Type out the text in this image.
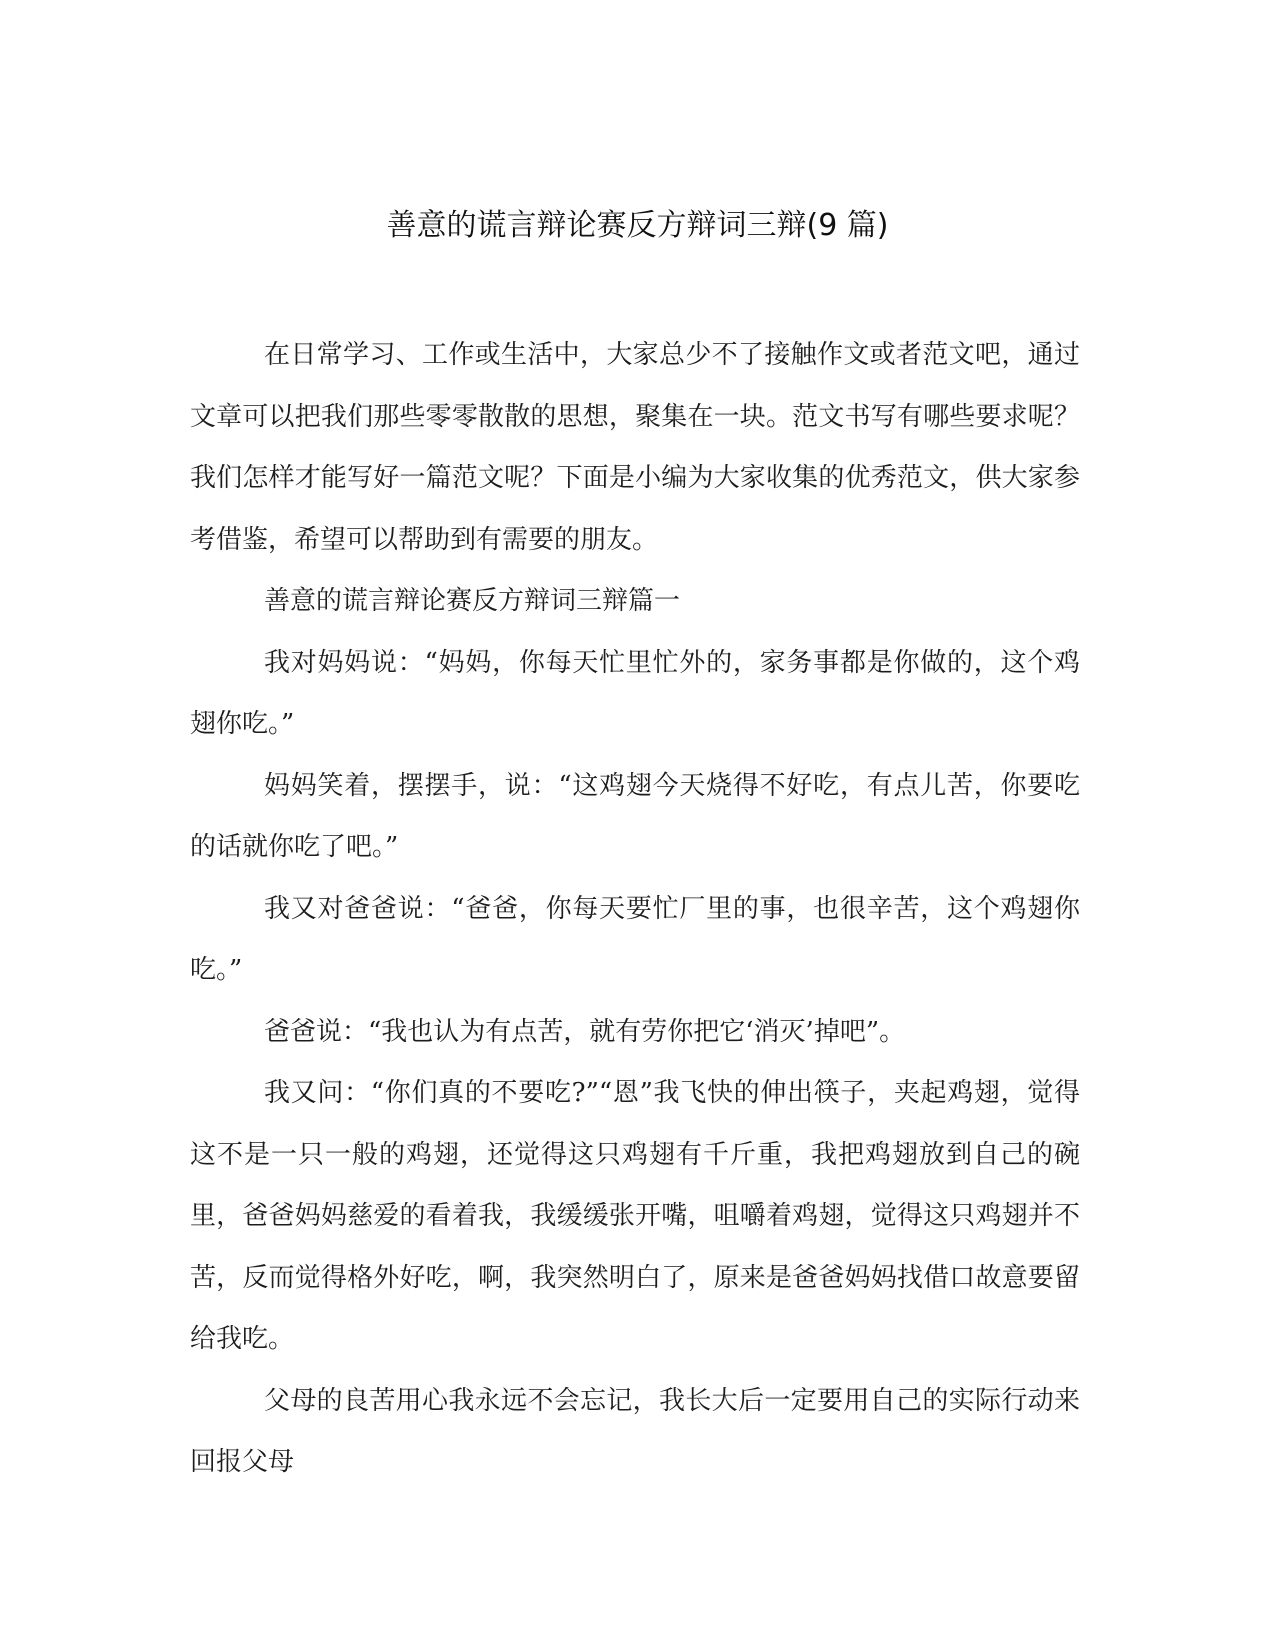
善意的谎言辩论赛反方辩词三辩(9 篇)

在日常学习、工作或生活中，大家总少不了接触作文或者范文吧，通过文章可以把我们那些零零散散的思想，聚集在一块。范文书写有哪些要求呢？我们怎样才能写好一篇范文呢？下面是小编为大家收集的优秀范文，供大家参考借鉴，希望可以帮助到有需要的朋友。

善意的谎言辩论赛反方辩词三辩篇一

我对妈妈说：“妈妈，你每天忙里忙外的，家务事都是你做的，这个鸡翅你吃。”

妈妈笑着，摆摆手，说：“这鸡翅今天烧得不好吃，有点儿苦，你要吃的话就你吃了吧。”

我又对爸爸说：“爸爸，你每天要忙厂里的事，也很辛苦，这个鸡翅你吃。”

爸爸说：“我也认为有点苦，就有劳你把它‘消灭’掉吧”。

我又问：“你们真的不要吃?”“恩”我飞快的伸出筷子，夹起鸡翅，觉得这不是一只一般的鸡翅，还觉得这只鸡翅有千斤重，我把鸡翅放到自己的碗里，爸爸妈妈慈爱的看着我，我缓缓张开嘴，咀嚼着鸡翅，觉得这只鸡翅并不苦，反而觉得格外好吃，啊，我突然明白了，原来是爸爸妈妈找借口故意要留给我吃。

父母的良苦用心我永远不会忘记，我长大后一定要用自己的实际行动来回报父母
